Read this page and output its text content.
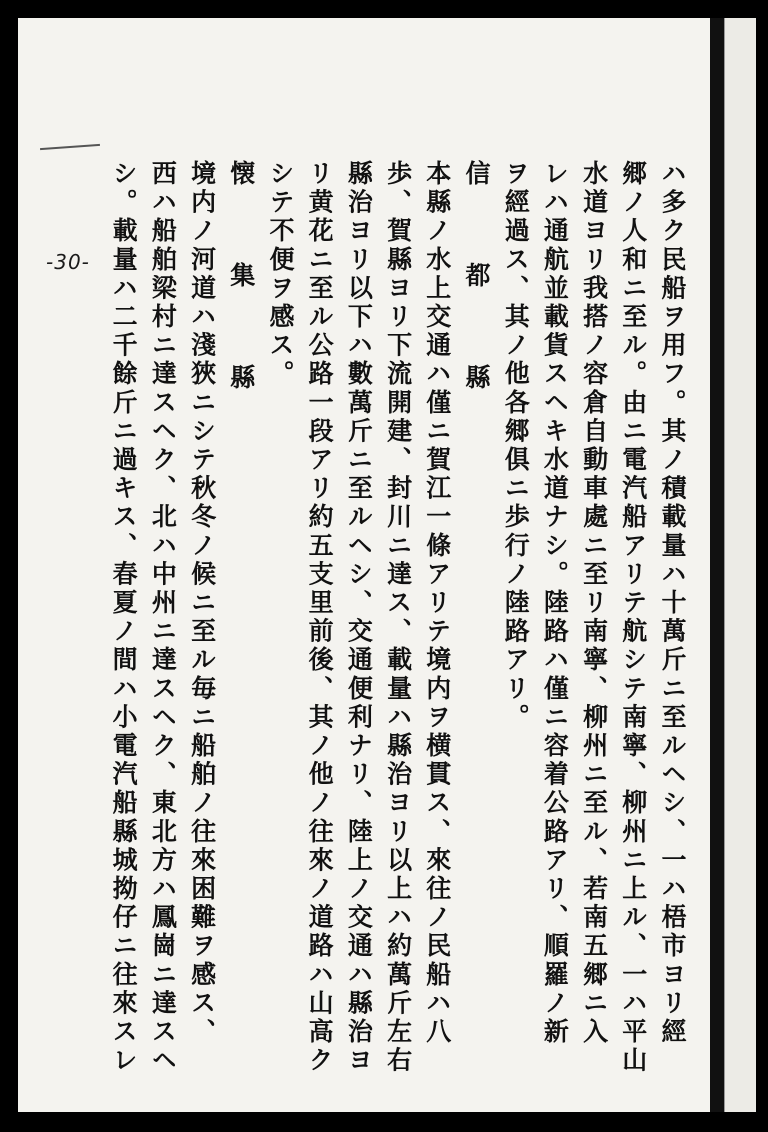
-30-	ハ多ク民船ヲ用フ。其ノ積載量ハ十萬斤ニ至ルヘシ、一ハ梧市ヨリ經

郷ノ人和ニ至ル。由ニ電汽船アリテ航シテ南寧、柳州ニ上ル、一ハ平山

水道ヨリ我搭ノ容倉自動車處ニ至リ南寧、柳州ニ至ル、若南五郷ニ入

レハ通航並載貨スヘキ水道ナシ。陸路ハ僅ニ容着公路アリ、順羅ノ新

ヲ經過ス、其ノ他各郷俱ニ歩行ノ陸路アリ。

信　都　縣

本縣ノ水上交通ハ僅ニ賀江一條アリテ境内ヲ横貫ス、來往ノ民船ハ八

歩、賀縣ヨリ下流開建、封川ニ達ス、載量ハ縣治ヨリ以上ハ約萬斤左右

縣治ヨリ以下ハ數萬斤ニ至ルヘシ、交通便利ナリ、陸上ノ交通ハ縣治ヨ

リ黄花ニ至ル公路一段アリ約五支里前後、其ノ他ノ往來ノ道路ハ山高ク

シテ不便ヲ感ス。

懐　集　縣

境内ノ河道ハ淺狹ニシテ秋冬ノ候ニ至ル毎ニ船舶ノ往來困難ヲ感ス、

西ハ船舶梁村ニ達スヘク、北ハ中州ニ達スヘク、東北方ハ鳳崗ニ達スヘ

シ。載量ハ二千餘斤ニ過キス、春夏ノ間ハ小電汽船縣城拗仔ニ往來スレ
